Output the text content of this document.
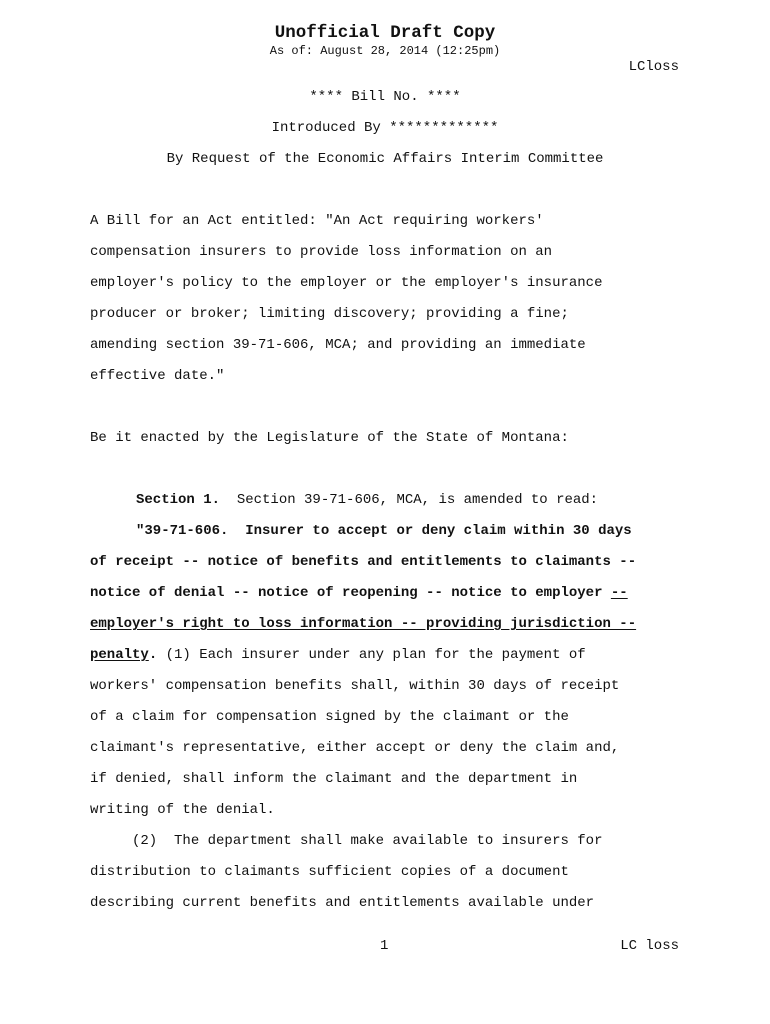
Unofficial Draft Copy
As of: August 28, 2014 (12:25pm)
LCloss
**** Bill No. ****
Introduced By *************
By Request of the Economic Affairs Interim Committee
A Bill for an Act entitled: "An Act requiring workers'
compensation insurers to provide loss information on an
employer's policy to the employer or the employer's insurance
producer or broker; limiting discovery; providing a fine;
amending section 39-71-606, MCA; and providing an immediate
effective date."
Be it enacted by the Legislature of the State of Montana:
Section 1.  Section 39-71-606, MCA, is amended to read:
"39-71-606.  Insurer to accept or deny claim within 30 days
of receipt -- notice of benefits and entitlements to claimants --
notice of denial -- notice of reopening -- notice to employer --
employer's right to loss information -- providing jurisdiction --
penalty. (1) Each insurer under any plan for the payment of
workers' compensation benefits shall, within 30 days of receipt
of a claim for compensation signed by the claimant or the
claimant's representative, either accept or deny the claim and,
if denied, shall inform the claimant and the department in
writing of the denial.
(2)  The department shall make available to insurers for
distribution to claimants sufficient copies of a document
describing current benefits and entitlements available under
1	LC loss
